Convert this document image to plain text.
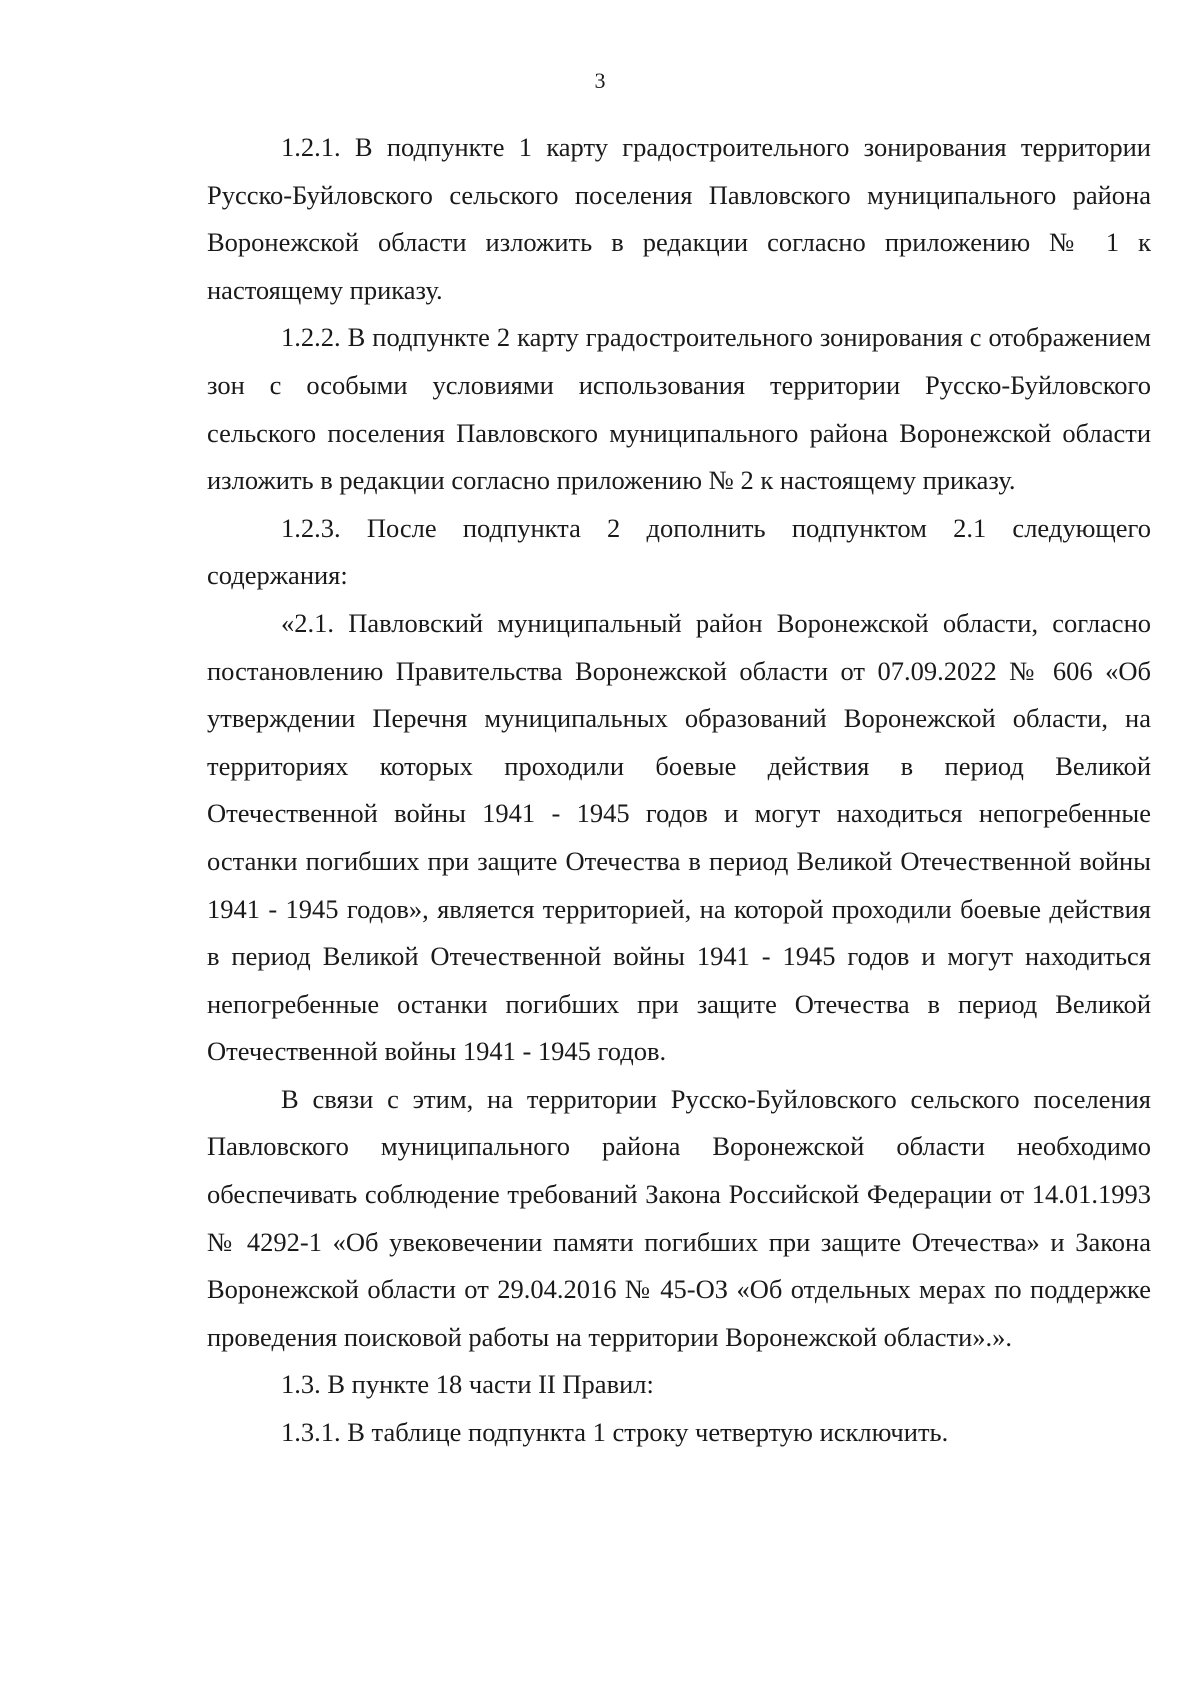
3

1.2.1. В подпункте 1 карту градостроительного зонирования территории Русско-Буйловского сельского поселения Павловского муниципального района Воронежской области изложить в редакции согласно приложению № 1 к настоящему приказу.

1.2.2. В подпункте 2 карту градостроительного зонирования с отображением зон с особыми условиями использования территории Русско-Буйловского сельского поселения Павловского муниципального района Воронежской области изложить в редакции согласно приложению № 2 к настоящему приказу.

1.2.3. После подпункта 2 дополнить подпунктом 2.1 следующего содержания:

«2.1. Павловский муниципальный район Воронежской области, согласно постановлению Правительства Воронежской области от 07.09.2022 № 606 «Об утверждении Перечня муниципальных образований Воронежской области, на территориях которых проходили боевые действия в период Великой Отечественной войны 1941 - 1945 годов и могут находиться непогребенные останки погибших при защите Отечества в период Великой Отечественной войны 1941 - 1945 годов», является территорией, на которой проходили боевые действия в период Великой Отечественной войны 1941 - 1945 годов и могут находиться непогребенные останки погибших при защите Отечества в период Великой Отечественной войны 1941 - 1945 годов.

В связи с этим, на территории Русско-Буйловского сельского поселения Павловского муниципального района Воронежской области необходимо обеспечивать соблюдение требований Закона Российской Федерации от 14.01.1993 № 4292-1 «Об увековечении памяти погибших при защите Отечества» и Закона Воронежской области от 29.04.2016 № 45-ОЗ «Об отдельных мерах по поддержке проведения поисковой работы на территории Воронежской области».».

1.3. В пункте 18 части II Правил:

1.3.1. В таблице подпункта 1 строку четвертую исключить.
